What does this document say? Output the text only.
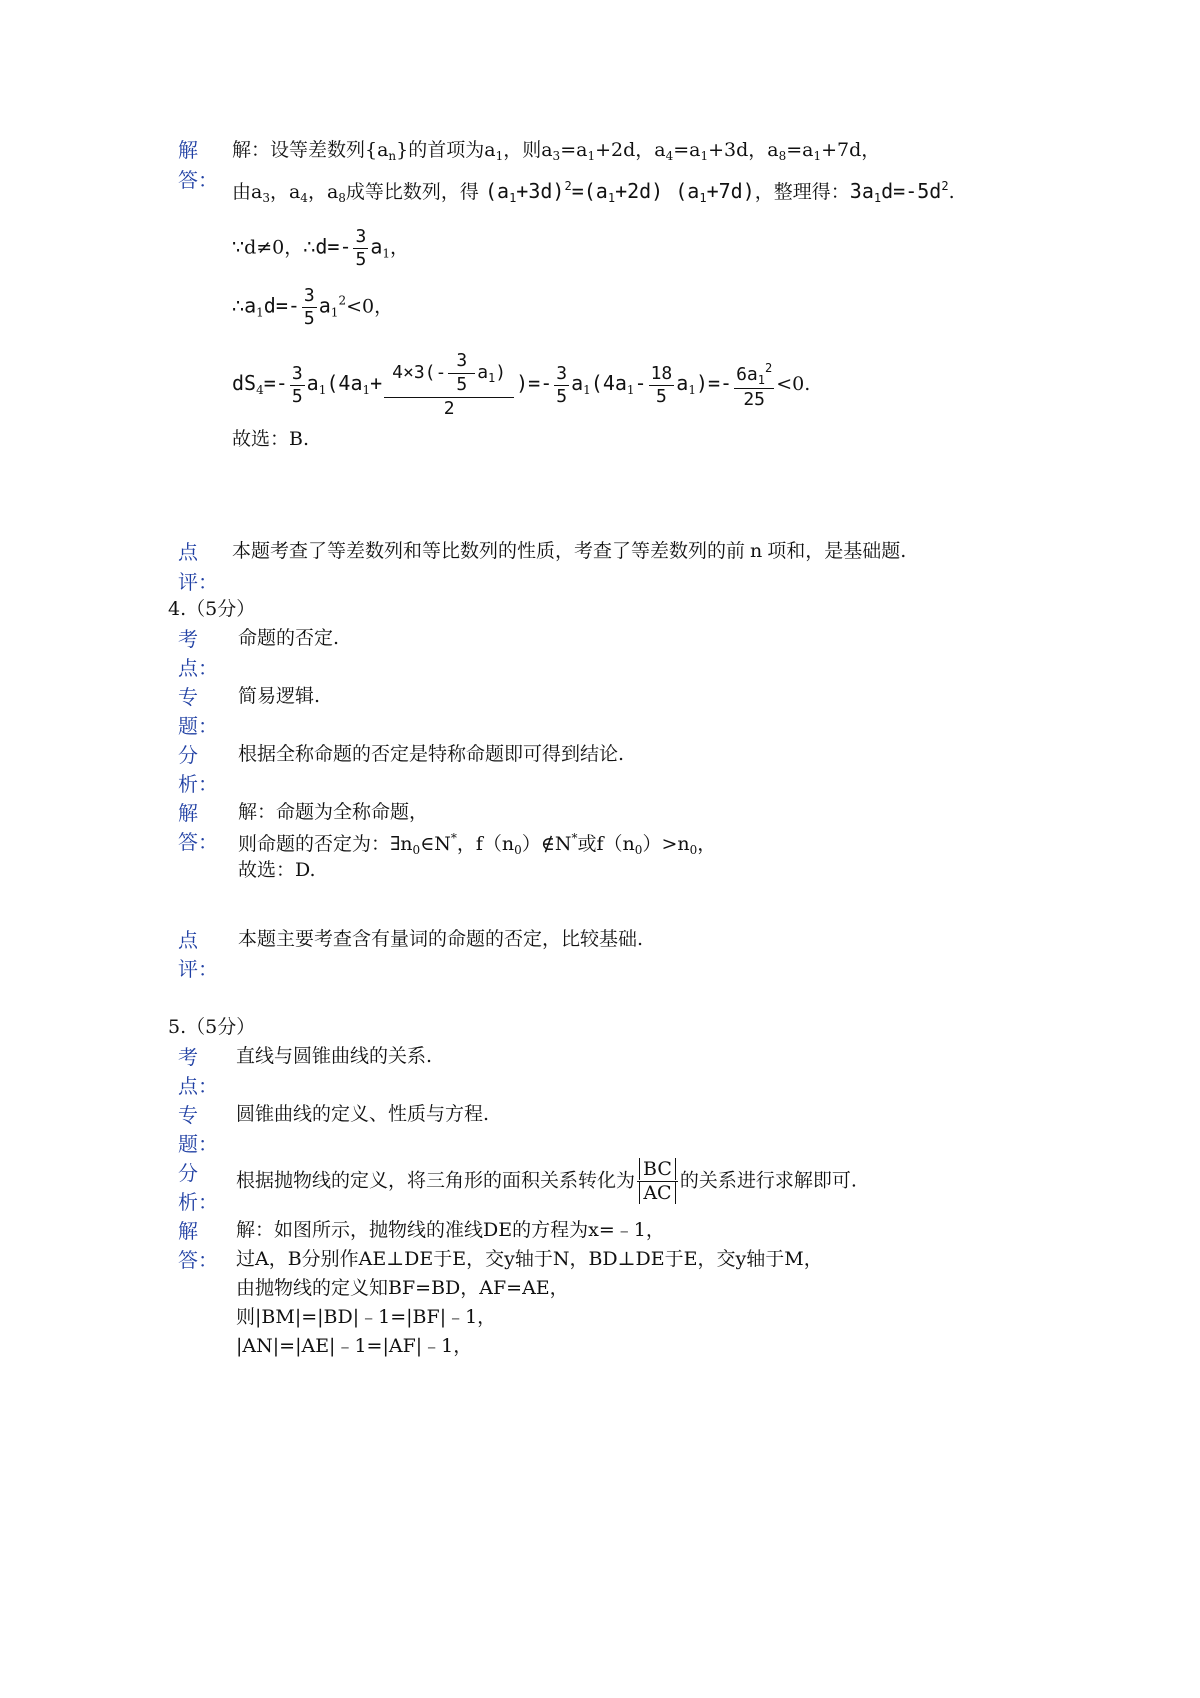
解
答：
解：设等差数列$\{a_n\}$的首项为$a_1$，则$a_3=a_1+2d$，$a_4=a_1+3d$，$a_8=a_1+7d$，
由$a_3$，$a_4$，$a_8$成等比数列，得 $(a_1+3d)^2=(a_1+2d)$ $(a_1+7d)$，整理得：$3a_1d=-5d^2$.
∵d≠0，∴d=- $\frac{3}{5} a_1$，
$\therefore a_1d=- \frac{3}{5} a_1^2<0$，
$dS_4=- \frac{3}{5} a_1(4a_1+ \frac{4\times 3(- \frac{3}{5} a_1)}{2}$ )=- $\frac{3}{5} a_1(4a_1- \frac{18}{5} a_1)=- \frac{6a_1^2}{25} <0$.
故选：B.
点
评：
本题考查了等差数列和等比数列的性质，考查了等差数列的前 n 项和，是基础题.
4.（5分）
考
点：
命题的否定.
专
题：
简易逻辑.
分
析：
根据全称命题的否定是特称命题即可得到结论.
解
答：
解：命题为全称命题，
则命题的否定为：$\exists n_0\in N^*$，$f(n_0)\notin N^*$或$f(n_0)>n_0$，
故选：D.
点
评：
本题主要考查含有量词的命题的否定，比较基础.
5.（5分）
考
点：
直线与圆锥曲线的关系.
专
题：
圆锥曲线的定义、性质与方程.
分
析：
根据抛物线的定义，将三角形的面积关系转化为 $\frac{BC}{AC}$ 的关系进行求解即可.
解
答：
解：如图所示，抛物线的准线DE的方程为x=﹣1，
过A，B分别作AE⊥DE于E，交y轴于N，BD⊥DE于E，交y轴于M，
由抛物线的定义知BF=BD，AF=AE，
则|BM|=|BD|﹣1=|BF|﹣1，
|AN|=|AE|﹣1=|AF|﹣1，
